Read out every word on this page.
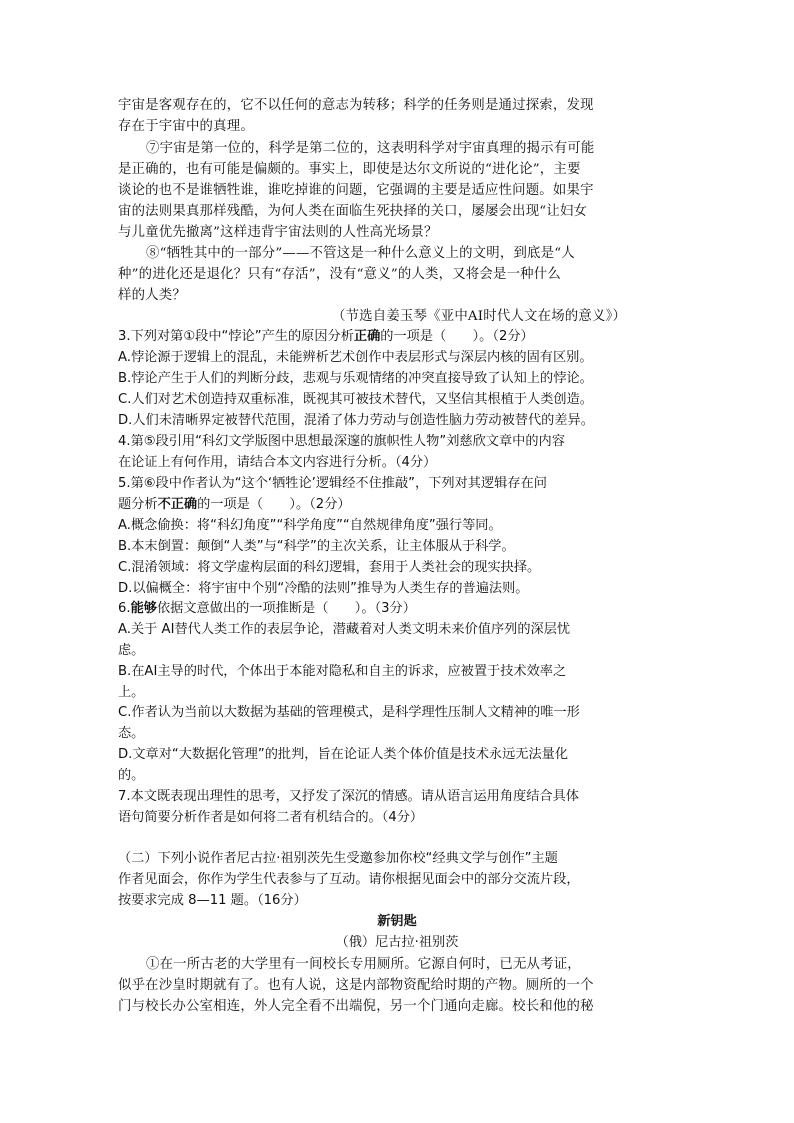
宇宙是客观存在的，它不以任何的意志为转移；科学的任务则是通过探索，发现
存在于宇宙中的真理。
⑦宇宙是第一位的，科学是第二位的，这表明科学对宇宙真理的揭示有可能
是正确的，也有可能是偏颇的。事实上，即使是达尔文所说的“进化论”，主要
谈论的也不是谁牺牲谁，谁吃掉谁的问题，它强调的主要是适应性问题。如果宇
宙的法则果真那样残酷，为何人类在面临生死抉择的关口，屡屡会出现“让妇女
与儿童优先撤离”这样违背宇宙法则的人性高光场景？
⑧“牺牲其中的一部分”——不管这是一种什么意义上的文明，到底是“人
种”的进化还是退化？只有“存活”，没有“意义”的人类，又将会是一种什么
样的人类？
（节选自姜玉琴《亚中AI时代人文在场的意义》）
3.下列对第①段中“悖论”产生的原因分析正确的一项是（　　）。（2分）
A.悖论源于逻辑上的混乱，未能辨析艺术创作中表层形式与深层内核的固有区别。
B.悖论产生于人们的判断分歧，悲观与乐观情绪的冲突直接导致了认知上的悖论。
C.人们对艺术创造持双重标准，既视其可被技术替代，又坚信其根植于人类创造。
D.人们未清晰界定被替代范围，混淆了体力劳动与创造性脑力劳动被替代的差异。
4.第⑤段引用“科幻文学版图中思想最深邃的旗帜性人物”刘慈欣文章中的内容
在论证上有何作用，请结合本文内容进行分析。（4分）
5.第⑥段中作者认为“这个‘牺牲论’逻辑经不住推敲”，下列对其逻辑存在问
题分析不正确的一项是（　　）。（2分）
A.概念偷换：将“科幻角度”“科学角度”“自然规律角度”强行等同。
B.本末倒置：颠倒“人类”与“科学”的主次关系，让主体服从于科学。
C.混淆领域：将文学虚构层面的科幻逻辑，套用于人类社会的现实抉择。
D.以偏概全：将宇宙中个别“冷酷的法则”推导为人类生存的普遍法则。
6.能够依据文意做出的一项推断是（　　）。（3分）
A.关于 AI替代人类工作的表层争论，潜藏着对人类文明未来价值序列的深层忧
虑。
B.在AI主导的时代，个体出于本能对隐私和自主的诉求，应被置于技术效率之
上。
C.作者认为当前以大数据为基础的管理模式，是科学理性压制人文精神的唯一形
态。
D.文章对“大数据化管理”的批判，旨在论证人类个体价值是技术永远无法量化
的。
7.本文既表现出理性的思考，又抒发了深沉的情感。请从语言运用角度结合具体
语句简要分析作者是如何将二者有机结合的。（4分）
（二）下列小说作者尼古拉·祖别茨先生受邀参加你校“经典文学与创作”主题
作者见面会，你作为学生代表参与了互动。请你根据见面会中的部分交流片段，
按要求完成 8—11 题。（16分）
新钥匙
（俄）尼古拉·祖别茨
①在一所古老的大学里有一间校长专用厕所。它源自何时，已无从考证，
似乎在沙皇时期就有了。也有人说，这是内部物资配给时期的产物。厕所的一个
门与校长办公室相连，外人完全看不出端倪，另一个门通向走廊。校长和他的秘
